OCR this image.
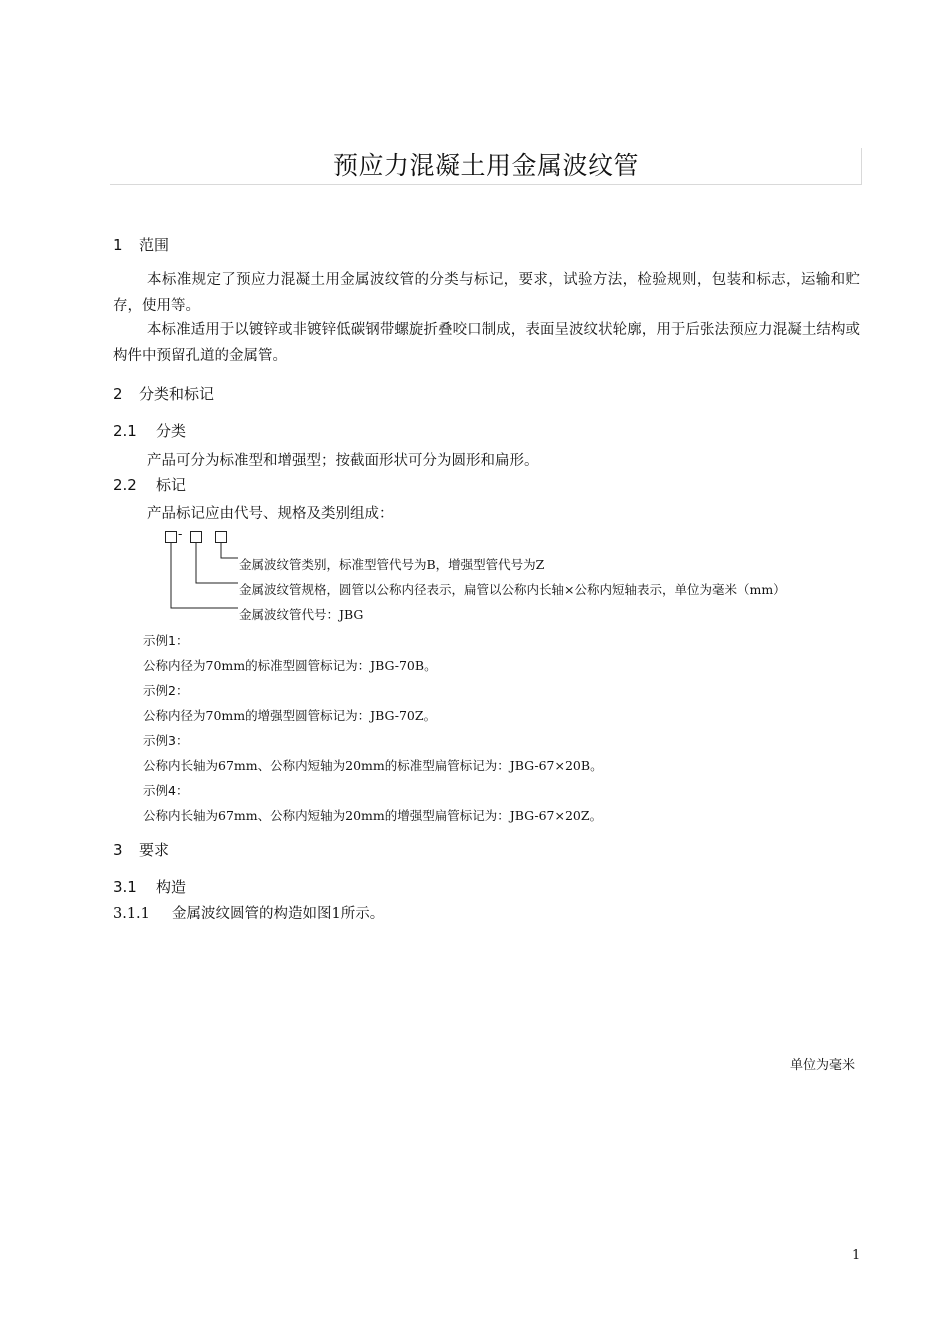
预应力混凝土用金属波纹管
1 范围
本标准规定了预应力混凝土用金属波纹管的分类与标记，要求，试验方法，检验规则，包装和标志，运输和贮存，使用等。
本标准适用于以镀锌或非镀锌低碳钢带螺旋折叠咬口制成，表面呈波纹状轮廓，用于后张法预应力混凝土结构或构件中预留孔道的金属管。
2 分类和标记
2.1 分类
产品可分为标准型和增强型；按截面形状可分为圆形和扁形。
2.2 标记
产品标记应由代号、规格及类别组成：
-
金属波纹管类别，标准型管代号为B，增强型管代号为Z
金属波纹管规格，圆管以公称内径表示，扁管以公称内长轴×公称内短轴表示，单位为毫米（mm）
金属波纹管代号：JBG
示例1：
公称内径为70mm的标准型圆管标记为：JBG-70B。
示例2：
公称内径为70mm的增强型圆管标记为：JBG-70Z。
示例3：
公称内长轴为67mm、公称内短轴为20mm的标准型扁管标记为：JBG-67×20B。
示例4：
公称内长轴为67mm、公称内短轴为20mm的增强型扁管标记为：JBG-67×20Z。
3 要求
3.1 构造
3.1.1 金属波纹圆管的构造如图1所示。
单位为毫米
1
